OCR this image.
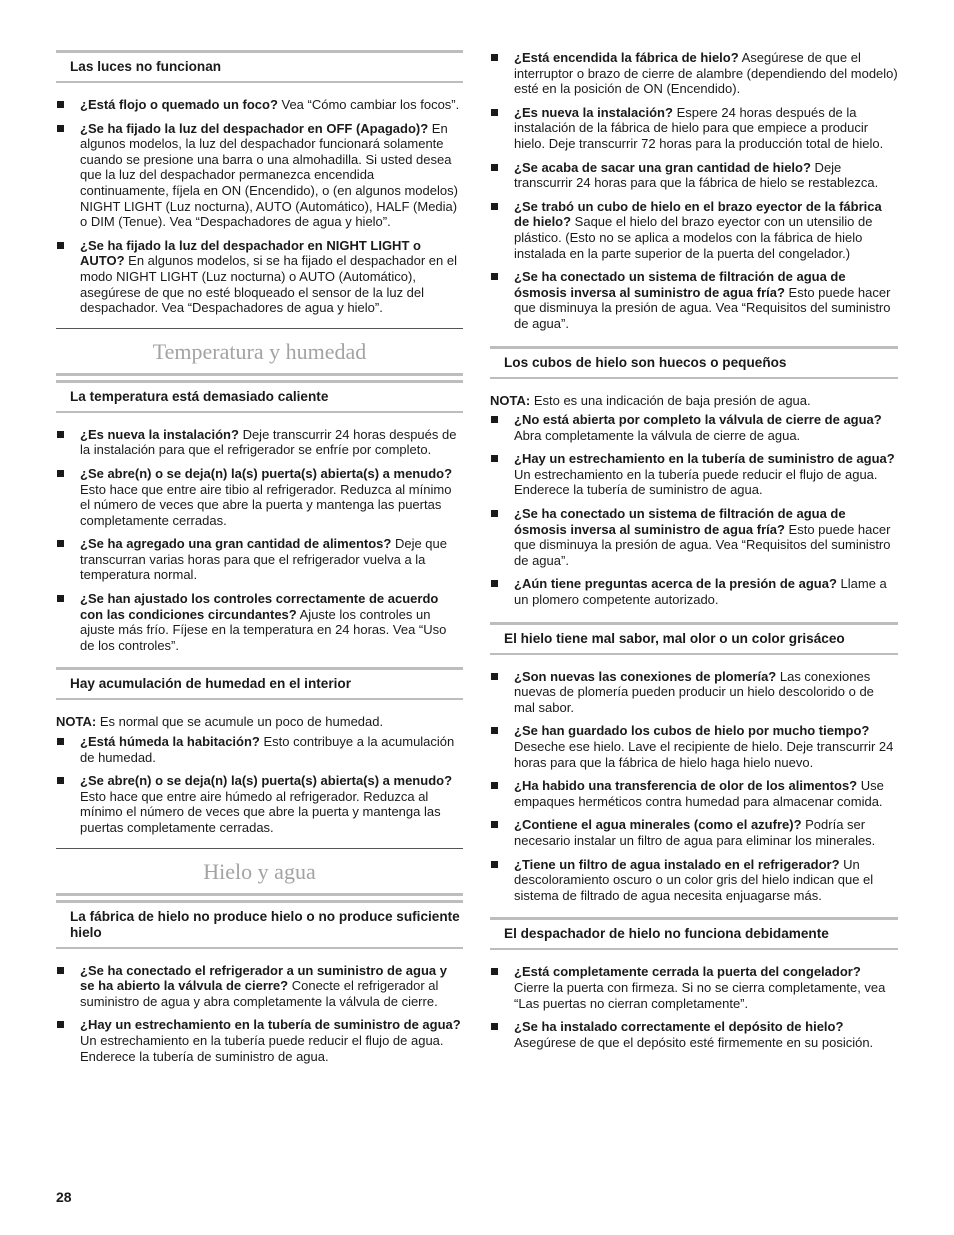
Las luces no funcionan
¿Está flojo o quemado un foco? Vea “Cómo cambiar los focos”.
¿Se ha fijado la luz del despachador en OFF (Apagado)? En algunos modelos, la luz del despachador funcionará solamente cuando se presione una barra o una almohadilla. Si usted desea que la luz del despachador permanezca encendida continuamente, fíjela en ON (Encendido), o (en algunos modelos) NIGHT LIGHT (Luz nocturna), AUTO (Automático), HALF (Media) o DIM (Tenue). Vea “Despachadores de agua y hielo”.
¿Se ha fijado la luz del despachador en NIGHT LIGHT o AUTO? En algunos modelos, si se ha fijado el despachador en el modo NIGHT LIGHT (Luz nocturna) o AUTO (Automático), asegúrese de que no esté bloqueado el sensor de la luz del despachador. Vea “Despachadores de agua y hielo”.
Temperatura y humedad
La temperatura está demasiado caliente
¿Es nueva la instalación? Deje transcurrir 24 horas después de la instalación para que el refrigerador se enfríe por completo.
¿Se abre(n) o se deja(n) la(s) puerta(s) abierta(s) a menudo? Esto hace que entre aire tibio al refrigerador. Reduzca al mínimo el número de veces que abre la puerta y mantenga las puertas completamente cerradas.
¿Se ha agregado una gran cantidad de alimentos? Deje que transcurran varias horas para que el refrigerador vuelva a la temperatura normal.
¿Se han ajustado los controles correctamente de acuerdo con las condiciones circundantes? Ajuste los controles un ajuste más frío. Fíjese en la temperatura en 24 horas. Vea “Uso de los controles”.
Hay acumulación de humedad en el interior
NOTA: Es normal que se acumule un poco de humedad.
¿Está húmeda la habitación? Esto contribuye a la acumulación de humedad.
¿Se abre(n) o se deja(n) la(s) puerta(s) abierta(s) a menudo? Esto hace que entre aire húmedo al refrigerador. Reduzca al mínimo el número de veces que abre la puerta y mantenga las puertas completamente cerradas.
Hielo y agua
La fábrica de hielo no produce hielo o no produce suficiente hielo
¿Se ha conectado el refrigerador a un suministro de agua y se ha abierto la válvula de cierre? Conecte el refrigerador al suministro de agua y abra completamente la válvula de cierre.
¿Hay un estrechamiento en la tubería de suministro de agua? Un estrechamiento en la tubería puede reducir el flujo de agua. Enderece la tubería de suministro de agua.
¿Está encendida la fábrica de hielo? Asegúrese de que el interruptor o brazo de cierre de alambre (dependiendo del modelo) esté en la posición de ON (Encendido).
¿Es nueva la instalación? Espere 24 horas después de la instalación de la fábrica de hielo para que empiece a producir hielo. Deje transcurrir 72 horas para la producción total de hielo.
¿Se acaba de sacar una gran cantidad de hielo? Deje transcurrir 24 horas para que la fábrica de hielo se restablezca.
¿Se trabó un cubo de hielo en el brazo eyector de la fábrica de hielo? Saque el hielo del brazo eyector con un utensilio de plástico. (Esto no se aplica a modelos con la fábrica de hielo instalada en la parte superior de la puerta del congelador.)
¿Se ha conectado un sistema de filtración de agua de ósmosis inversa al suministro de agua fría? Esto puede hacer que disminuya la presión de agua. Vea “Requisitos del suministro de agua”.
Los cubos de hielo son huecos o pequeños
NOTA: Esto es una indicación de baja presión de agua.
¿No está abierta por completo la válvula de cierre de agua? Abra completamente la válvula de cierre de agua.
¿Hay un estrechamiento en la tubería de suministro de agua? Un estrechamiento en la tubería puede reducir el flujo de agua. Enderece la tubería de suministro de agua.
¿Se ha conectado un sistema de filtración de agua de ósmosis inversa al suministro de agua fría? Esto puede hacer que disminuya la presión de agua. Vea “Requisitos del suministro de agua”.
¿Aún tiene preguntas acerca de la presión de agua? Llame a un plomero competente autorizado.
El hielo tiene mal sabor, mal olor o un color grisáceo
¿Son nuevas las conexiones de plomería? Las conexiones nuevas de plomería pueden producir un hielo descolorido o de mal sabor.
¿Se han guardado los cubos de hielo por mucho tiempo? Deseche ese hielo. Lave el recipiente de hielo. Deje transcurrir 24 horas para que la fábrica de hielo haga hielo nuevo.
¿Ha habido una transferencia de olor de los alimentos? Use empaques herméticos contra humedad para almacenar comida.
¿Contiene el agua minerales (como el azufre)? Podría ser necesario instalar un filtro de agua para eliminar los minerales.
¿Tiene un filtro de agua instalado en el refrigerador? Un descoloramiento oscuro o un color gris del hielo indican que el sistema de filtrado de agua necesita enjuagarse más.
El despachador de hielo no funciona debidamente
¿Está completamente cerrada la puerta del congelador? Cierre la puerta con firmeza. Si no se cierra completamente, vea “Las puertas no cierran completamente”.
¿Se ha instalado correctamente el depósito de hielo? Asegúrese de que el depósito esté firmemente en su posición.
28
